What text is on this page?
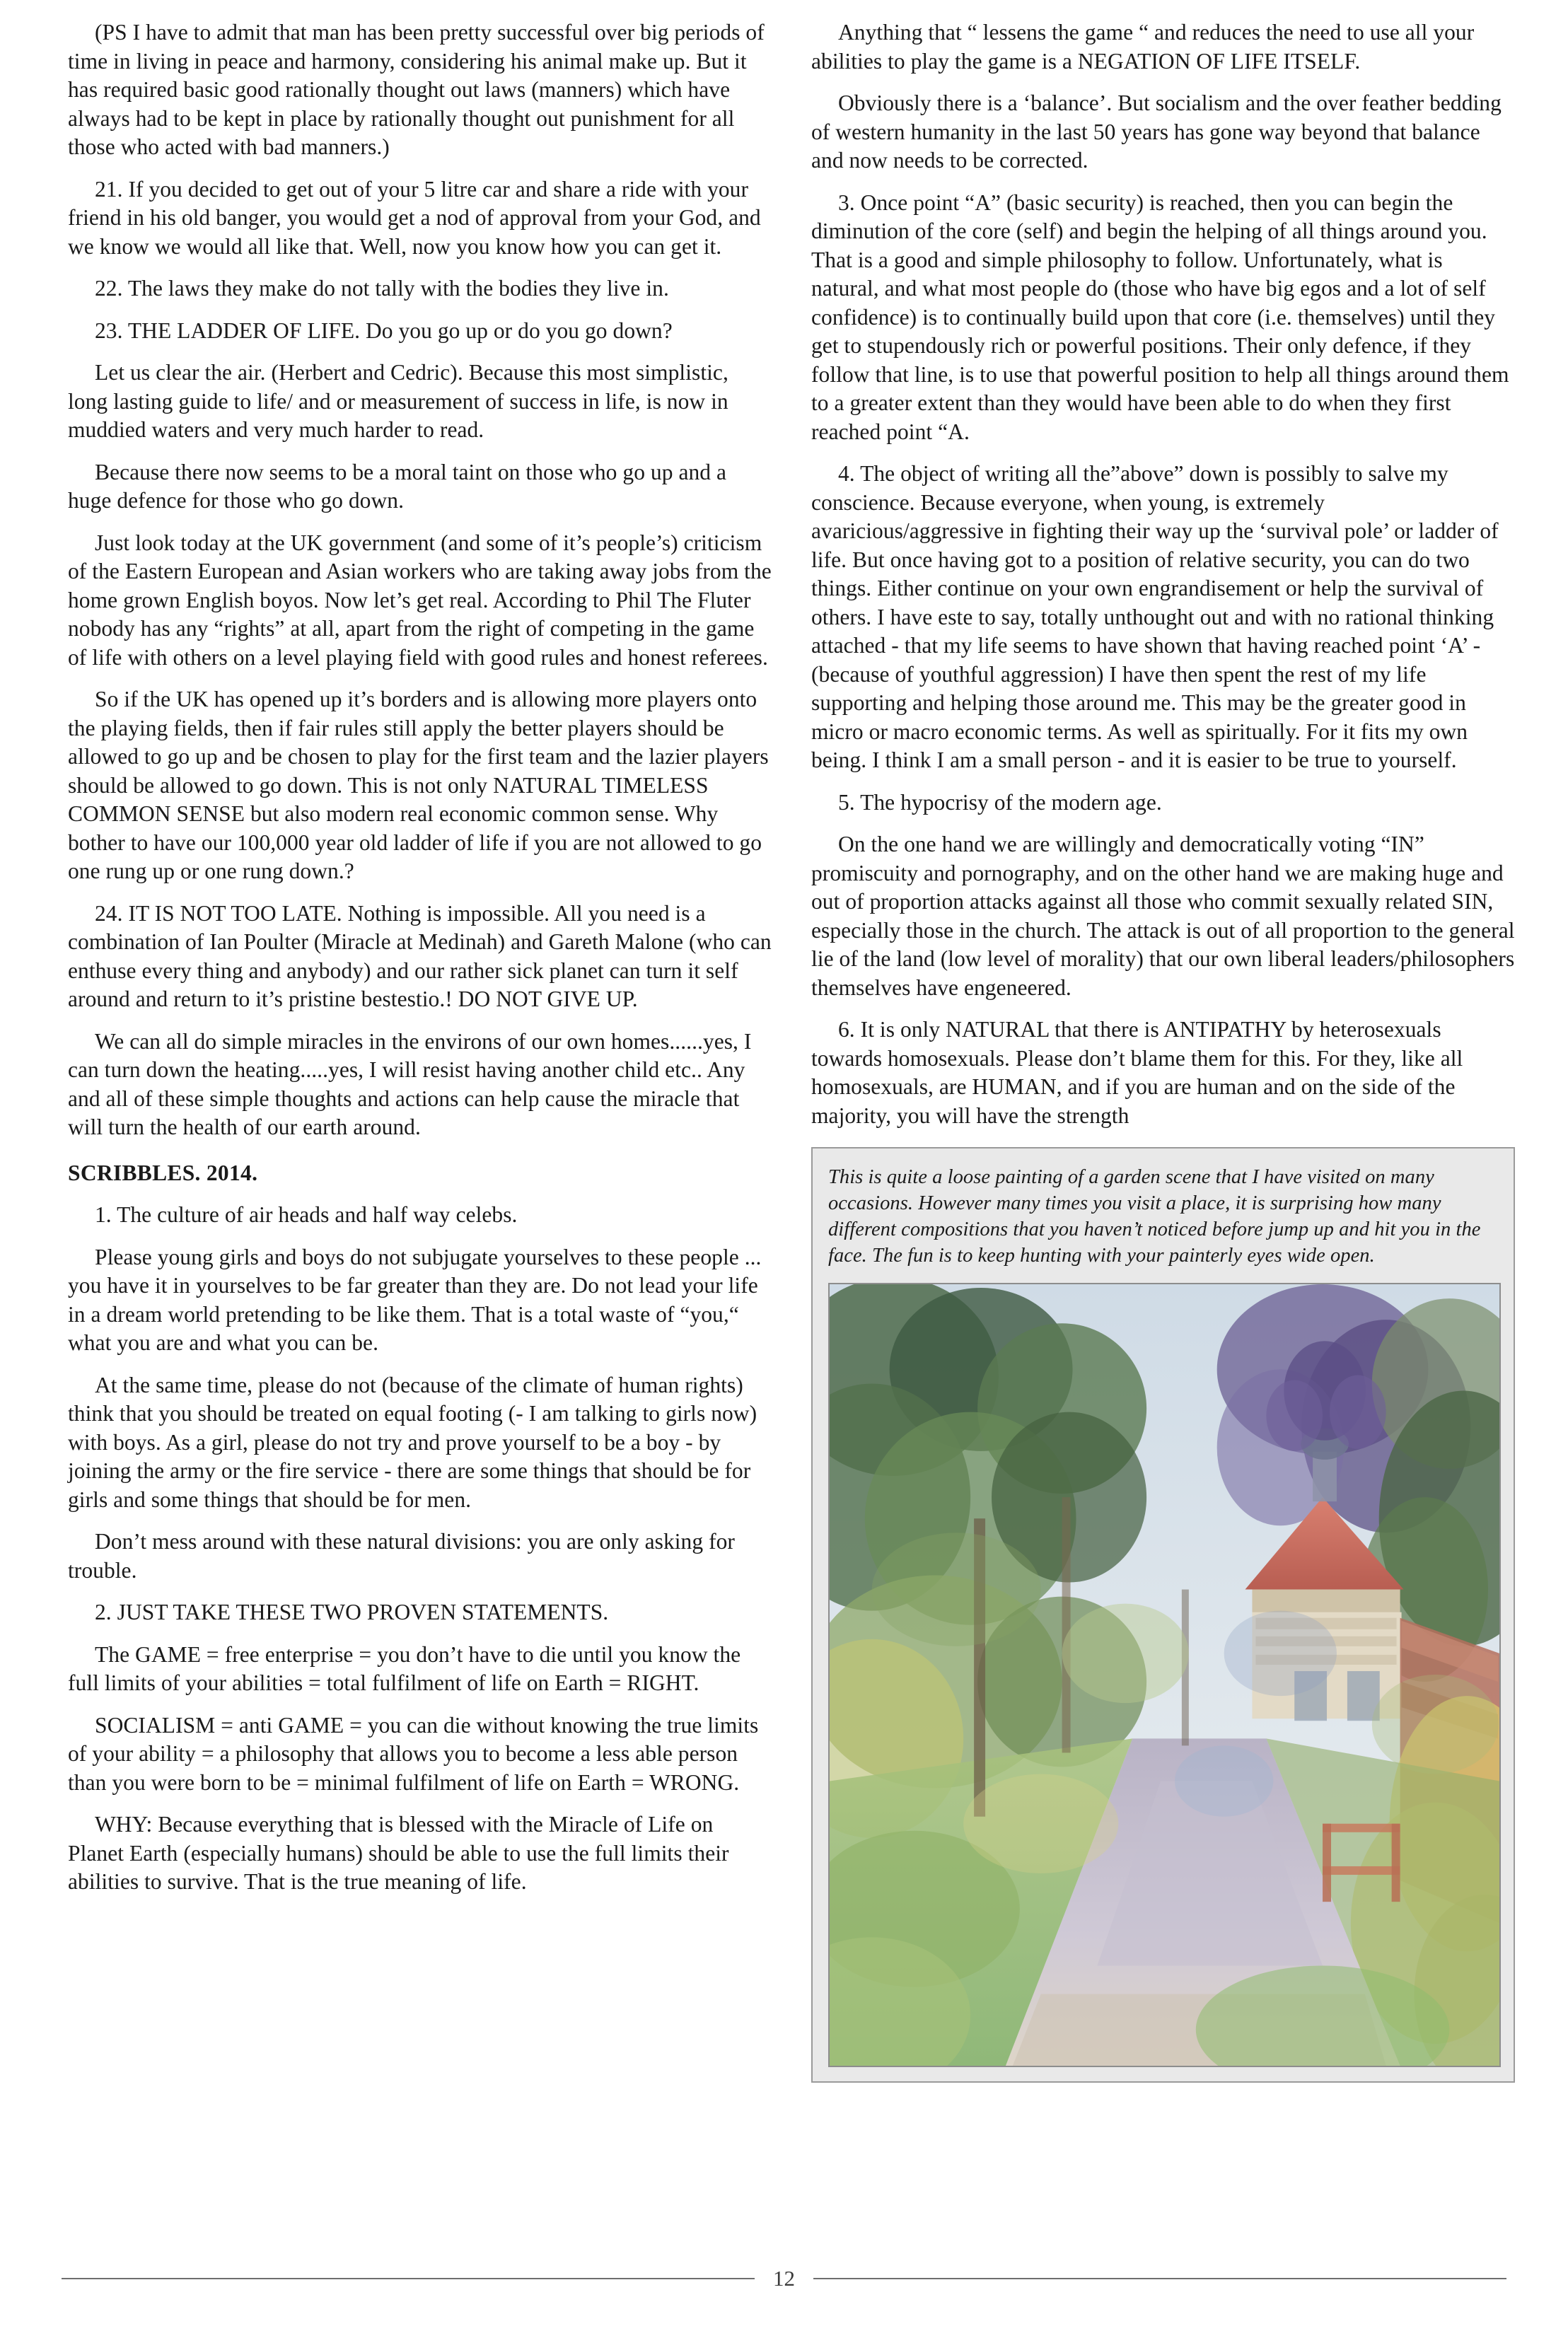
(PS I have to admit that man has been pretty successful over big periods of time in living in peace and harmony, considering his animal make up. But it has required basic good rationally thought out laws (manners) which have always had to be kept in place by rationally thought out punishment for all those who acted with bad manners.)

21. If you decided to get out of your 5 litre car and share a ride with your friend in his old banger, you would get a nod of approval from your God, and we know we would all like that. Well, now you know how you can get it.

22. The laws they make do not tally with the bodies they live in.

23. THE LADDER OF LIFE. Do you go up or do you go down?

Let us clear the air. (Herbert and Cedric). Because this most simplistic, long lasting guide to life/ and or measurement of success in life, is now in muddied waters and very much harder to read.

Because there now seems to be a moral taint on those who go up and a huge defence for those who go down.

Just look today at the UK government (and some of it’s people’s) criticism of the Eastern European and Asian workers who are taking away jobs from the home grown English boyos. Now let’s get real. According to Phil The Fluter nobody has any “rights” at all, apart from the right of competing in the game of life with others on a level playing field with good rules and honest referees.

So if the UK has opened up it’s borders and is allowing more players onto the playing fields, then if fair rules still apply the better players should be allowed to go up and be chosen to play for the first team and the lazier players should be allowed to go down. This is not only NATURAL TIMELESS COMMON SENSE but also modern real economic common sense. Why bother to have our 100,000 year old ladder of life if you are not allowed to go one rung up or one rung down.?

24. IT IS NOT TOO LATE. Nothing is impossible. All you need is a combination of Ian Poulter (Miracle at Medinah) and Gareth Malone (who can enthuse every thing and anybody) and our rather sick planet can turn it self around and return to it’s pristine bestestio.! DO NOT GIVE UP.

We can all do simple miracles in the environs of our own homes......yes, I can turn down the heating.....yes, I will resist having another child etc.. Any and all of these simple thoughts and actions can help cause the miracle that will turn the health of our earth around.

SCRIBBLES. 2014.

1. The culture of air heads and half way celebs.

Please young girls and boys do not subjugate yourselves to these people ... you have it in yourselves to be far greater than they are. Do not lead your life in a dream world pretending to be like them. That is a total waste of “you,“ what you are and what you can be.

At the same time, please do not (because of the climate of human rights) think that you should be treated on equal footing (- I am talking to girls now) with boys. As a girl, please do not try and prove yourself to be a boy - by joining the army or the fire service - there are some things that should be for girls and some things that should be for men.

Don’t mess around with these natural divisions: you are only asking for trouble.

2. JUST TAKE THESE TWO PROVEN STATEMENTS.

The GAME = free enterprise = you don’t have to die until you know the full limits of your abilities = total fulfilment of life on Earth = RIGHT.

SOCIALISM = anti GAME = you can die without knowing the true limits of your ability = a philosophy that allows you to become a less able person than you were born to be = minimal fulfilment of life on Earth = WRONG.

WHY: Because everything that is blessed with the Miracle of Life on Planet Earth (especially humans) should be able to use the full limits their abilities to survive. That is the true meaning of life.

Anything that “ lessens the game “ and reduces the need to use all your abilities to play the game is a NEGATION OF LIFE ITSELF.

Obviously there is a ‘balance’. But socialism and the over feather bedding of western humanity in the last 50 years has gone way beyond that balance and now needs to be corrected.

3. Once point “A” (basic security) is reached, then you can begin the diminution of the core (self) and begin the helping of all things around you. That is a good and simple philosophy to follow. Unfortunately, what is natural, and what most people do (those who have big egos and a lot of self confidence) is to continually build upon that core (i.e. themselves) until they get to stupendously rich or powerful positions. Their only defence, if they follow that line, is to use that powerful position to help all things around them to a greater extent than they would have been able to do when they first reached point “A.

4. The object of writing all the”above” down is possibly to salve my conscience. Because everyone, when young, is extremely avaricious/aggressive in fighting their way up the ‘survival pole’ or ladder of life. But once having got to a position of relative security, you can do two things. Either continue on your own engrandisement or help the survival of others. I have este to say, totally unthought out and with no rational thinking attached - that my life seems to have shown that having reached point ‘A’ - (because of youthful aggression) I have then spent the rest of my life supporting and helping those around me. This may be the greater good in micro or macro economic terms. As well as spiritually. For it fits my own being. I think I am a small person - and it is easier to be true to yourself.

5. The hypocrisy of the modern age.

On the one hand we are willingly and democratically voting “IN” promiscuity and pornography, and on the other hand we are making huge and out of proportion attacks against all those who commit sexually related SIN, especially those in the church. The attack is out of all proportion to the general lie of the land (low level of morality) that our own liberal leaders/philosophers themselves have engeneered.

6. It is only NATURAL that there is ANTIPATHY by heterosexuals towards homosexuals. Please don’t blame them for this. For they, like all homosexuals, are HUMAN, and if you are human and on the side of the majority, you will have the strength

This is quite a loose painting of a garden scene that I have visited on many occasions. However many times you visit a place, it is surprising how many different compositions that you haven’t noticed before jump up and hit you in the face. The fun is to keep hunting with your painterly eyes wide open.

12
